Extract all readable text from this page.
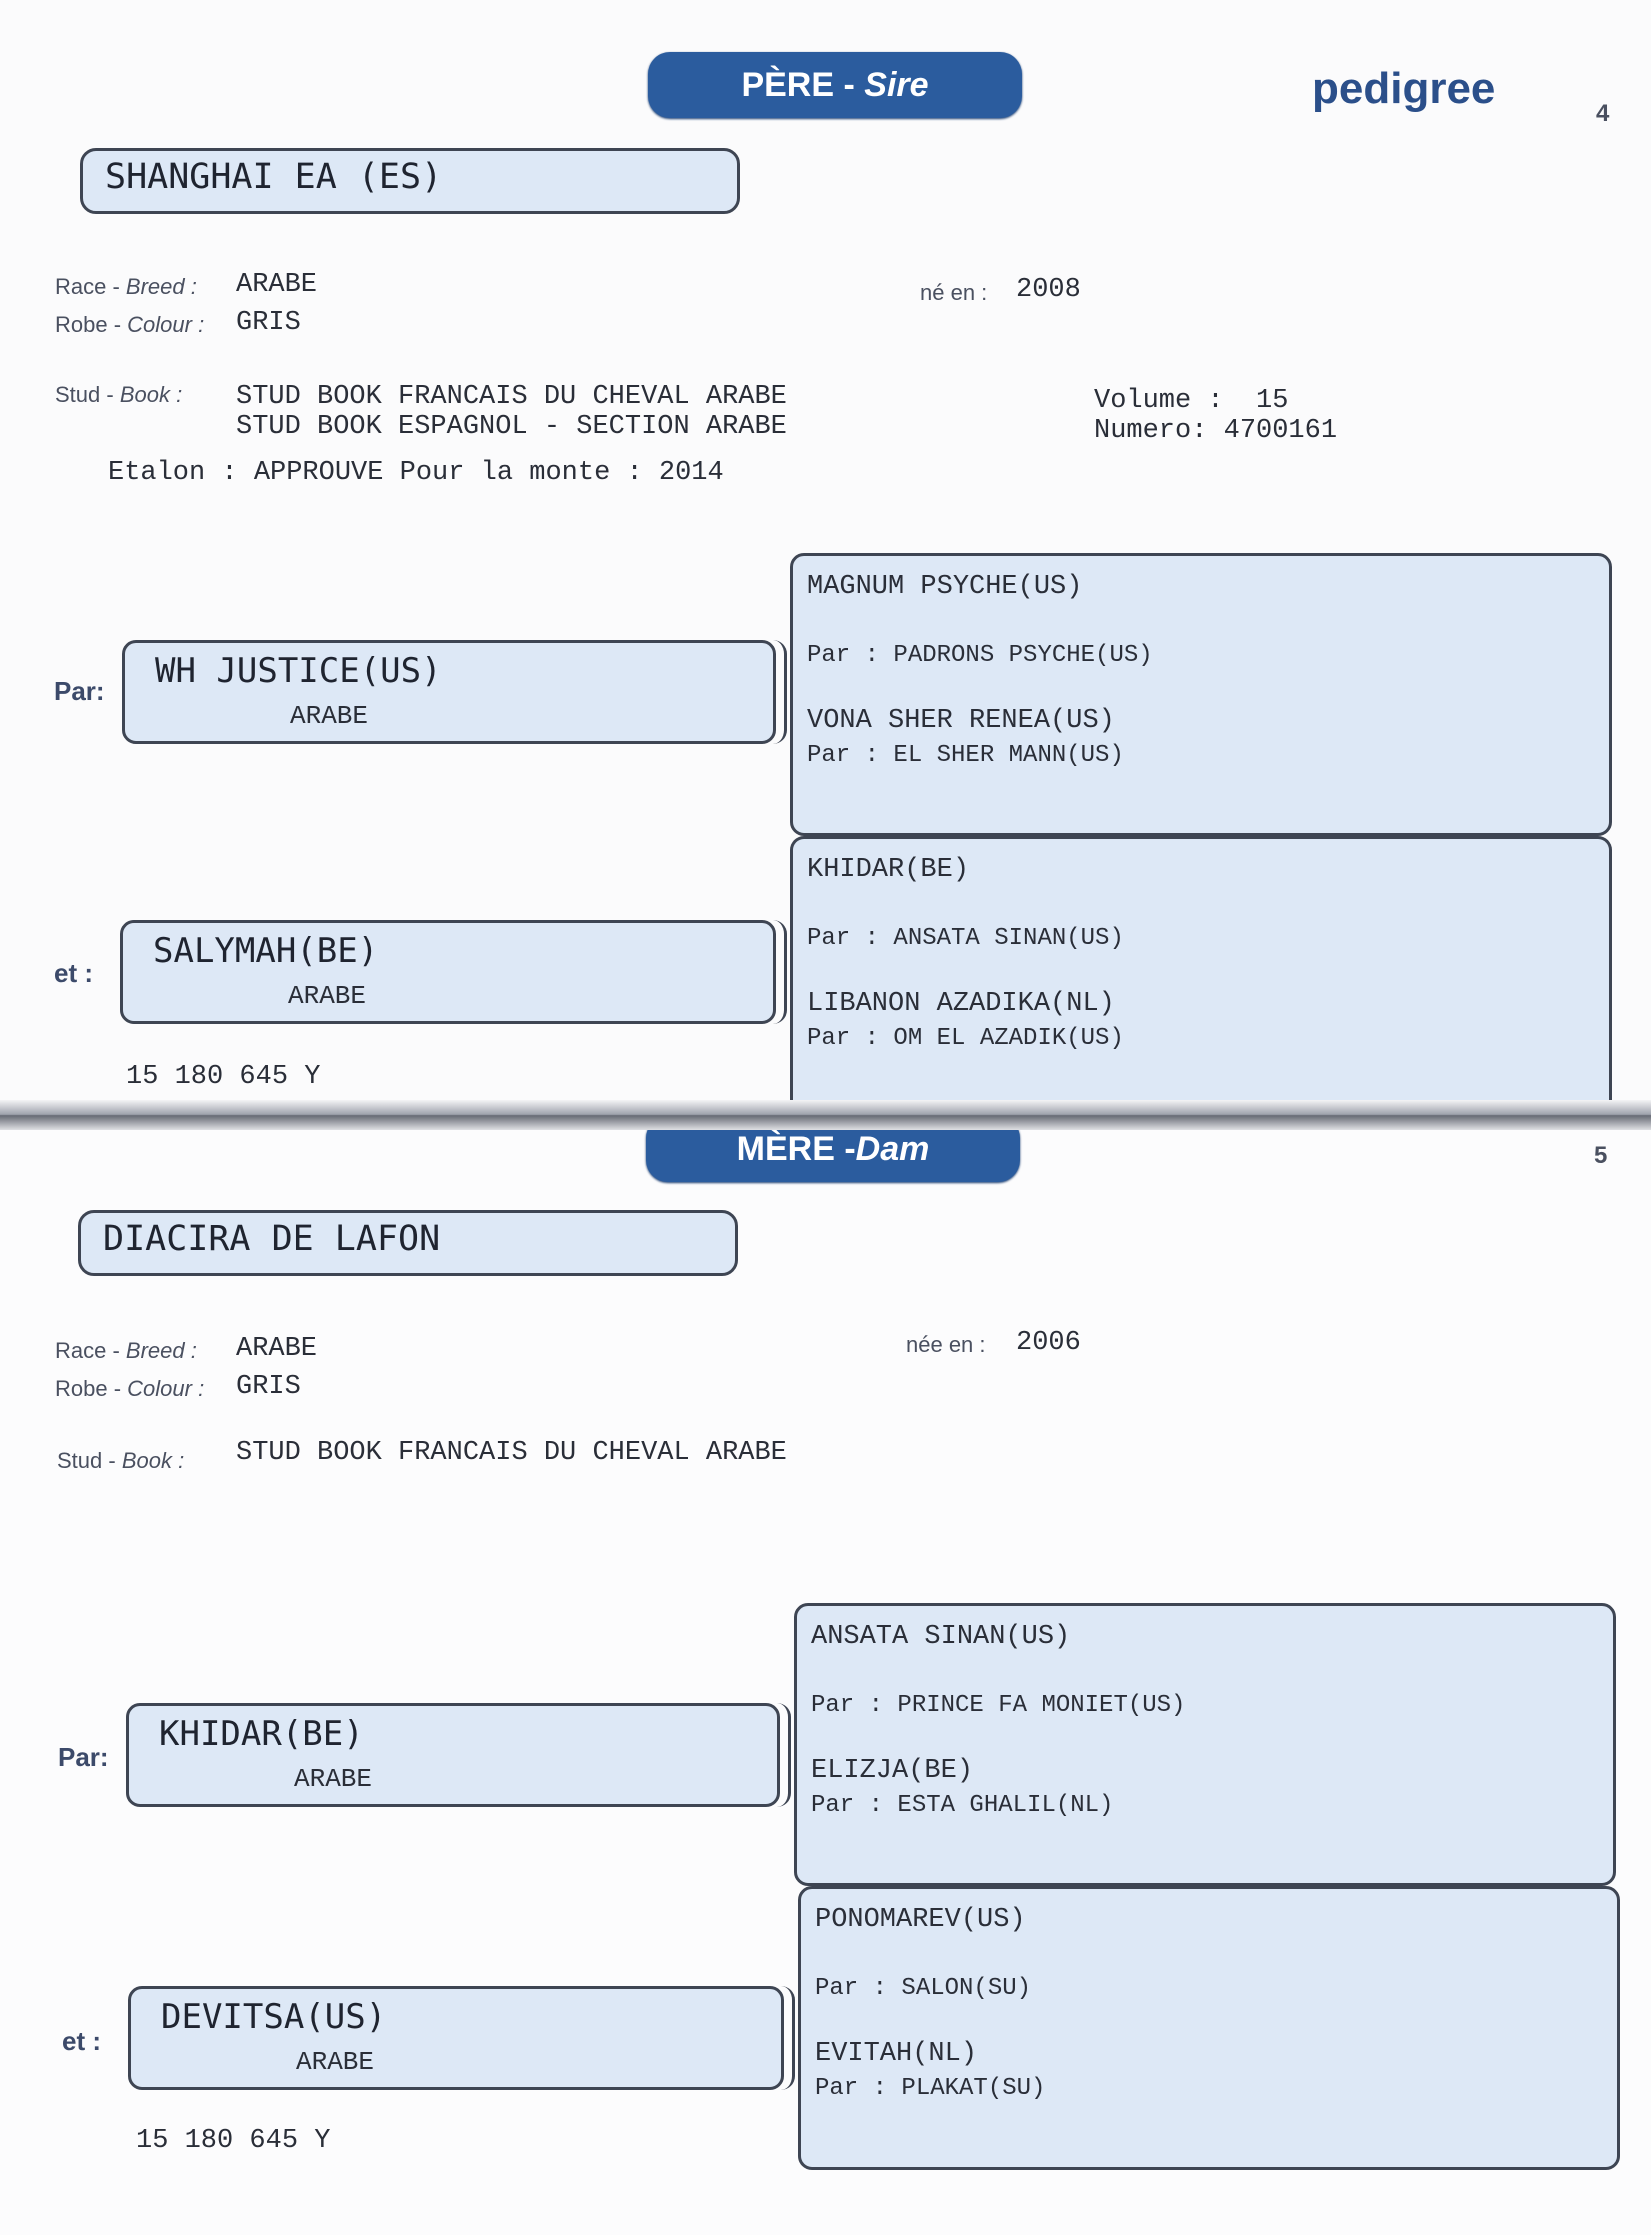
PÈRE - Sire	pedigree
4
SHANGHAI EA (ES)
Race - Breed : ARABE
Robe - Colour : GRIS
né en : 2008
Stud - Book : STUD BOOK FRANCAIS DU CHEVAL ARABE
STUD BOOK ESPAGNOL - SECTION ARABE
Volume :  15
Numero: 4700161
Etalon : APPROUVE Pour la monte : 2014
Par: WH JUSTICE(US)
ARABE
MAGNUM PSYCHE(US)
Par : PADRONS PSYCHE(US)
VONA SHER RENEA(US)
Par : EL SHER MANN(US)
et :
SALYMAH(BE)
ARABE
KHIDAR(BE)
Par : ANSATA SINAN(US)
LIBANON AZADIKA(NL)
Par : OM EL AZADIK(US)
15 180 645 Y
MÈRE - Dam	5
DIACIRA DE LAFON
Race - Breed : ARABE
Robe - Colour : GRIS
née en : 2006
Stud - Book : STUD BOOK FRANCAIS DU CHEVAL ARABE
Par:
KHIDAR(BE)
ARABE
ANSATA SINAN(US)
Par : PRINCE FA MONIET(US)
ELIZJA(BE)
Par : ESTA GHALIL(NL)
et :
DEVITSA(US)
ARABE
PONOMAREV(US)
Par : SALON(SU)
EVITAH(NL)
Par : PLAKAT(SU)
15 180 645 Y
